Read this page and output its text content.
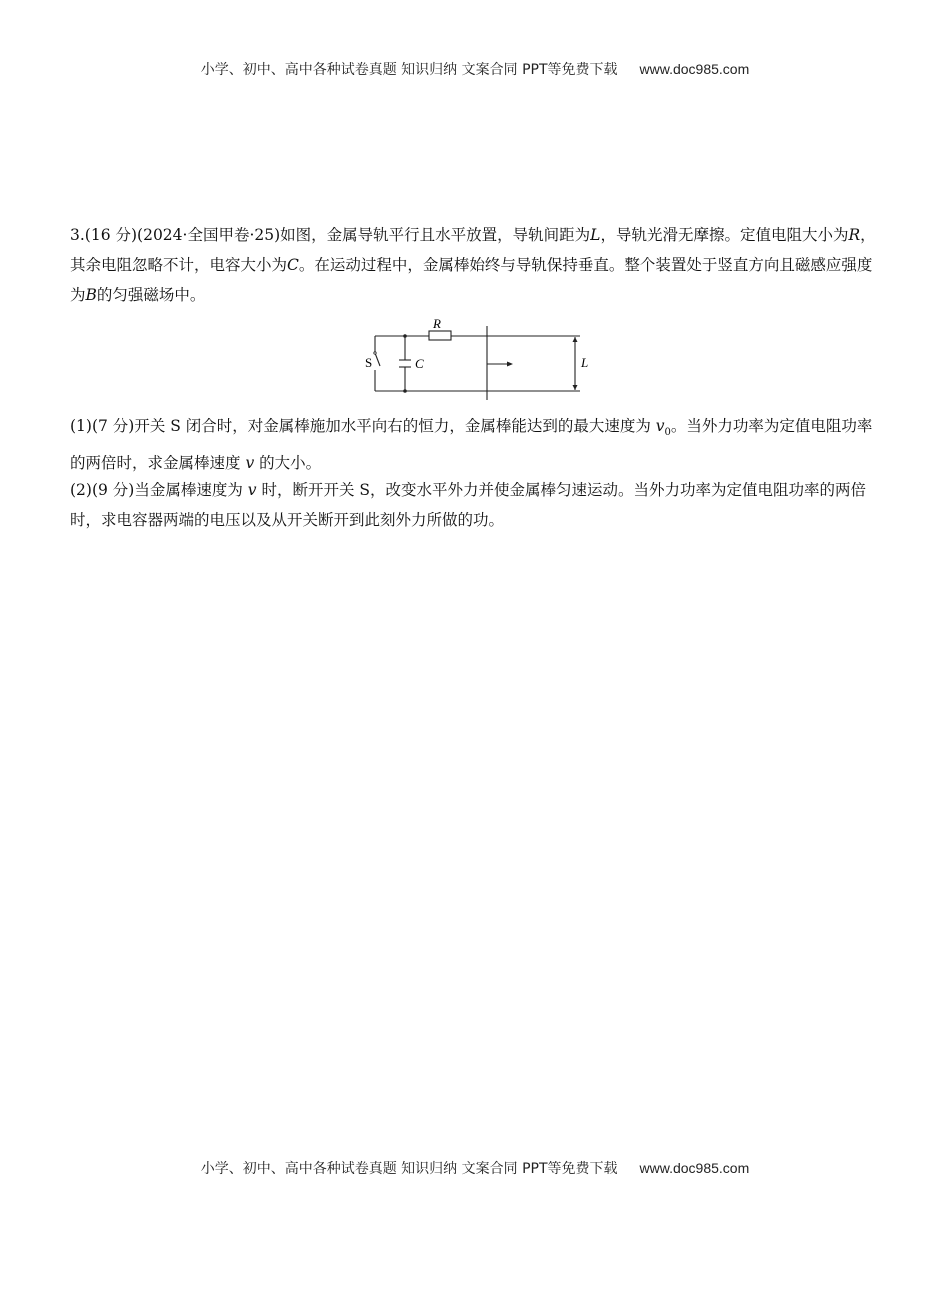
小学、初中、高中各种试卷真题 知识归纳 文案合同 PPT等免费下载 www.doc985.com
3.(16 分)(2024·全国甲卷·25)如图，金属导轨平行且水平放置，导轨间距为L，导轨光滑无摩擦。定值电阻大小为R，其余电阻忽略不计，电容大小为C。在运动过程中，金属棒始终与导轨保持垂直。整个装置处于竖直方向且磁感应强度为B的匀强磁场中。
R
S	C	L
(1)(7 分)开关 S 闭合时，对金属棒施加水平向右的恒力，金属棒能达到的最大速度为 $v_0$。当外力功率为定值电阻功率的两倍时，求金属棒速度 v 的大小。
(2)(9 分)当金属棒速度为 v 时，断开开关 S，改变水平外力并使金属棒匀速运动。当外力功率为定值电阻功率的两倍时，求电容器两端的电压以及从开关断开到此刻外力所做的功。
小学、初中、高中各种试卷真题 知识归纳 文案合同 PPT等免费下载 www.doc985.com
